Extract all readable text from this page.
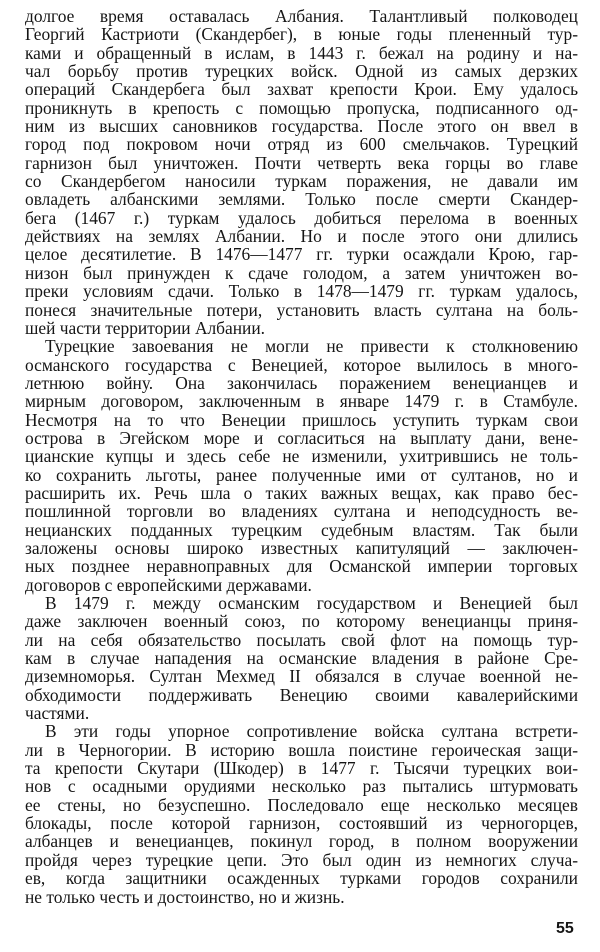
долгое время оставалась Албания. Талантливый полководец
Георгий Кастриоти (Скандербег), в юные годы плененный тур-
ками и обращенный в ислам, в 1443 г. бежал на родину и на-
чал борьбу против турецких войск. Одной из самых дерзких
операций Скандербега был захват крепости Крои. Ему удалось
проникнуть в крепость с помощью пропуска, подписанного од-
ним из высших сановников государства. После этого он ввел в
город под покровом ночи отряд из 600 смельчаков. Турецкий
гарнизон был уничтожен. Почти четверть века горцы во главе
со Скандербегом наносили туркам поражения, не давали им
овладеть албанскими землями. Только после смерти Скандер-
бега (1467 г.) туркам удалось добиться перелома в военных
действиях на землях Албании. Но и после этого они длились
целое десятилетие. В 1476—1477 гг. турки осаждали Крою, гар-
низон был принужден к сдаче голодом, а затем уничтожен во-
преки условиям сдачи. Только в 1478—1479 гг. туркам удалось,
понеся значительные потери, установить власть султана на боль-
шей части территории Албании.
Турецкие завоевания не могли не привести к столкновению
османского государства с Венецией, которое вылилось в много-
летнюю войну. Она закончилась поражением венецианцев и
мирным договором, заключенным в январе 1479 г. в Стамбуле.
Несмотря на то что Венеции пришлось уступить туркам свои
острова в Эгейском море и согласиться на выплату дани, вене-
цианские купцы и здесь себе не изменили, ухитрившись не толь-
ко сохранить льготы, ранее полученные ими от султанов, но и
расширить их. Речь шла о таких важных вещах, как право бес-
пошлинной торговли во владениях султана и неподсудность ве-
нецианских подданных турецким судебным властям. Так были
заложены основы широко известных капитуляций — заключен-
ных позднее неравноправных для Османской империи торговых
договоров с европейскими державами.
В 1479 г. между османским государством и Венецией был
даже заключен военный союз, по которому венецианцы приня-
ли на себя обязательство посылать свой флот на помощь тур-
кам в случае нападения на османские владения в районе Сре-
диземноморья. Султан Мехмед II обязался в случае военной не-
обходимости поддерживать Венецию своими кавалерийскими
частями.
В эти годы упорное сопротивление войска султана встрети-
ли в Черногории. В историю вошла поистине героическая защи-
та крепости Скутари (Шкодер) в 1477 г. Тысячи турецких вои-
нов с осадными орудиями несколько раз пытались штурмовать
ее стены, но безуспешно. Последовало еще несколько месяцев
блокады, после которой гарнизон, состоявший из черногорцев,
албанцев и венецианцев, покинул город, в полном вооружении
пройдя через турецкие цепи. Это был один из немногих случа-
ев, когда защитники осажденных турками городов сохранили
не только честь и достоинство, но и жизнь.
55
